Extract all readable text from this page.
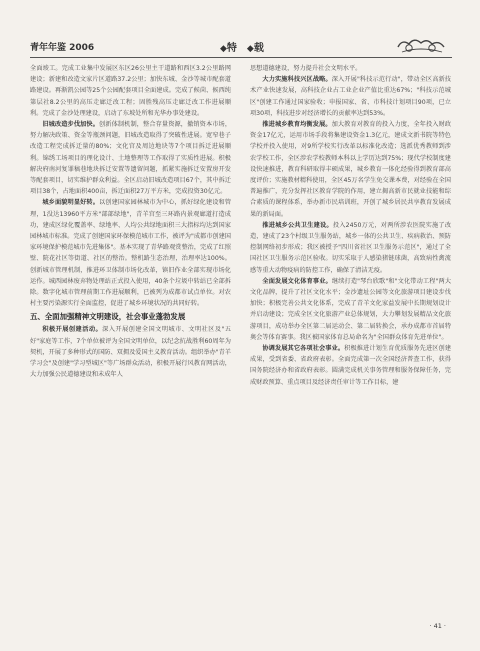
青年年鉴 2006	◆特◆载

全面竣工。完成工业集中发展区东区26公里主干道路和西区3.2公里路网建设；新建和改造文家片区道路37.2公里；加快东城、金沙等城市配套道路建设。再渐凯公园等25个公园配套项目全面建成。完成了候茴、候西纯第层社8.2公里的高压走廊迁改工程；固胜残高压走廊迁改工作进展顺利。完成了金沙处理建设，启动了东坡处所和光华办事处建设。

旧城改造步伐加快。创新体制机制，整合存量资源，撤销资本市场，努力解决政策、资金等瓶颈问题，旧城改造取得了突破性进展。宽窄巷子改造工程完成拆迁量的80%；文化宫及周边地块等7个项目拆迁进展顺利。锦绣工场项目的理化设计、土地整理等工作取得了实质性进展。积极解决府南河复罪稿巷地块拆迁安置等遗留问题，抓紧实施拆迁安置房开发等配套项目，切实维护群众利益。全区启动旧城改造项目67个，其中拆迁项目38个，占地面积400亩，拆迁面积27万平方米，完成投资30亿元。

城乡面貌明显好转。以创建国家园林城市为中心，抓好绿化建设和管理，1没达13960平方米"部部绿地"，青羊宫至三环路内景观廊道打造成功，建成区绿化覆盖率、绿地率、人均公共绿地面积三大指标均达到国家园林城市标准。完成了创建国家环保模范城市工作，被评为"成都市创建国家环境保护模范城市先进集体"。基本实现了青华路观赏整治，完成了红照壁、院花社区等街道、社区的整治。整机路生态治理，治理率达100%。创新城市管理机制，推进环卫体制市场化改革，镇旧作业全部实现市场化运作。城西园林废弃物处理站正式投入使用，40条个垃圾中转站已全部拆除。数字化城市管理前期工作进展顺利，已被列为成都市试点单位。对农村主要污染源实行全面监控，促进了城乡环境状况的共同好转。

五、全面加强精神文明建设，社会事业蓬勃发展

积极开展创建活动。深入开展创建全国文明城市、文明社区及"五好"家庭等工作，7个单位被评为全国文明单位，以纪念抗战胜利60周年为契机，开展了多种形式的国防、双拥及爱国主义教育活动。组织举办"青羊学习会"及创建"学习型城区"等广场群众活动，积极开展行风教育网活动，大力加强公民道德建设和未成年人

思想道德建设，努力提升社会文明水平。

大力实施科技兴区战略。深入开展"科技示范行动"，带动全区高新技术产业快速发展，高科技企业占工业企业产值比重达67%；"科技示范城区"创建工作通过国家验收；申报国家、省、市科技计划项目90项，已立项30项，科技进步对经济增长的贡献率达到53%。

推进城乡教育均衡发展。加大教育对教育的投入力度，全年投入财政资金17亿元，运用市场手段将集建设资金1.3亿元，建成文新书院等特色学校并投入使用，对9所学校实行改革以标准化改造；选派优秀教师到涉农学校工作，全区涉农学校教师本科以上学历达到75%；现代学校制度建设快速推进，教育科研取得丰硕成果，城乡教育一体化经验得到教育部高度评价；实施教材精科使用，全区45万名学生免交课本费，对经验在全国普遍推广，充分发挥社区教育学院的作用，建立揭高新市民就业技能和综合素质的课程体系，举办新市民培训班，开创了城乡居民共享教育发展成果的新局面。

推进城乡公共卫生建设。投入2450万元，对两所涉农医院实施了改造，建成了23个村级卫生服务站，城乡一体的公共卫生、疾病救治、预防控制网络初步形成；我区被授予"四川省社区卫生服务示范区"，通过了全国社区卫生服务示范区验收。切实采取于人感染猪链球菌，高致病性禽流感等重大动物疫病的防控工作，确保了清洁无疫。

全面发展文化体育事业。继续打造"琴台欣歌"和"文化带动工程"两大文化品牌，提升了社区文化水平；金沙遗址公园等文化旅游项目建设步伐加快；积极完善公共文化体系，完成了青羊文化家益发展中长期规划设计并启动建设；完成全区文化旅游产业总体规划，大力攀划发展精品文化旅游项目，成功举办全区第二届运动会、第二届转换会，承办成都市首届特奥会等体育赛事。我区被国家体育总局命名为"全国群众体育先进单位"。

协调发展其它各项社会事业。积极推进计划生育优质服务先进区创建成果，受到省委、省政府表彰。全面完成第一次全国经济普查工作，获得国务院经济办和省政府表彰。圆满完成机关事务管理和服务保障任务，完成财政预算、重点项目及经济责任审计等工作目标，建

· 41 ·
